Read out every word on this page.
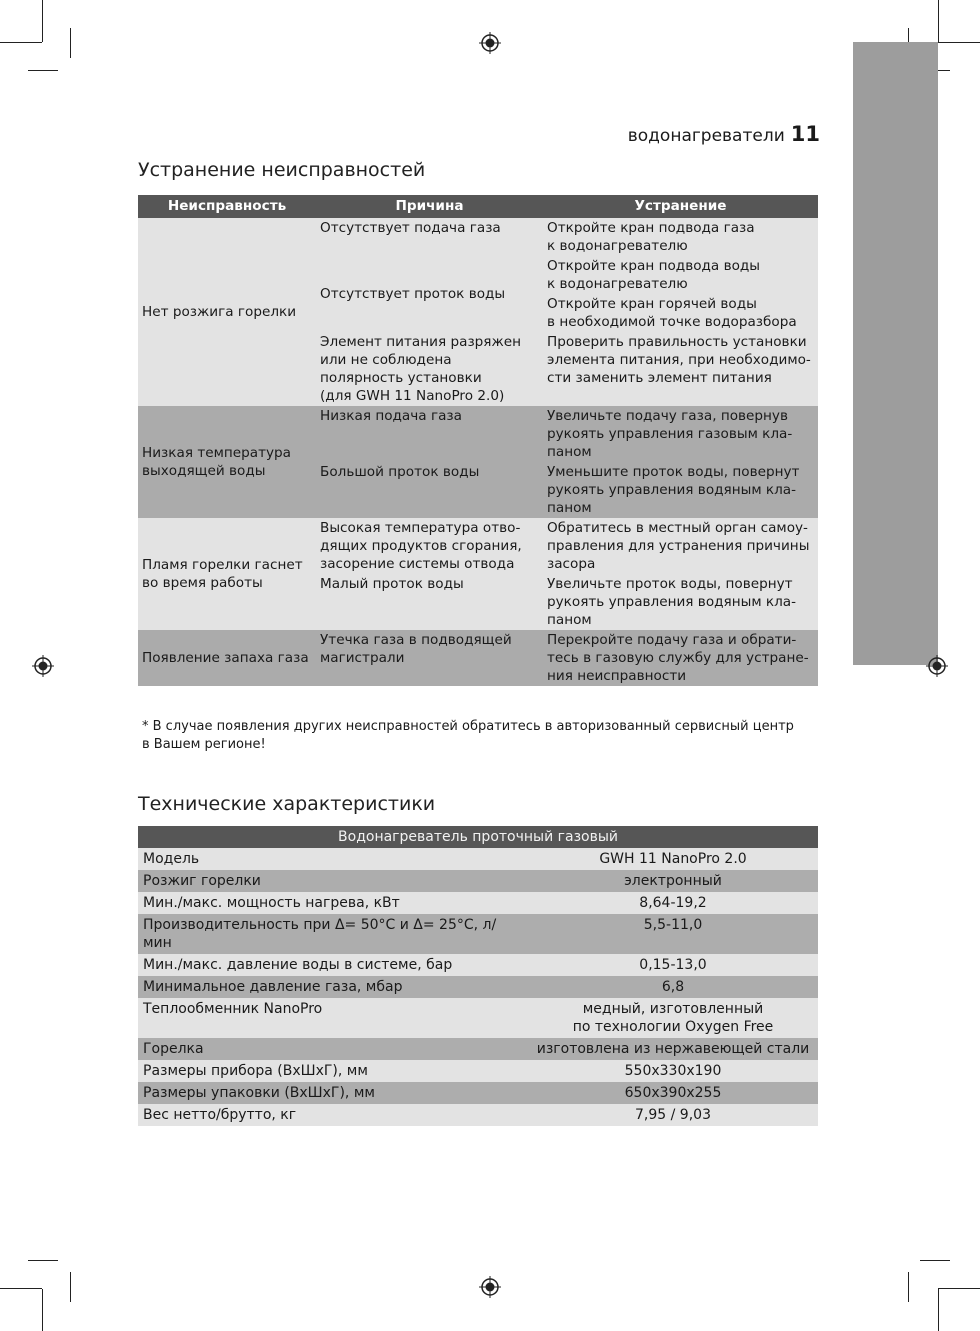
водонагреватели 11
Устранение неисправностей
Неисправность	Причина	Устранение

Нет розжига горелки	Отсутствует подача газа	Откройте кран подвода газа
к водонагревателю

	Отсутствует проток воды	Откройте кран подвода воды
к водонагревателю

		Откройте кран горячей воды
в необходимой точке водоразбора

	Элемент питания разряжен
или не соблюдена
полярность установки
(для GWH 11 NanoPro 2.0)	Проверить правильность установки
элемента питания, при необходимо-
сти заменить элемент питания

Низкая температура
выходящей воды	Низкая подача газа	Увеличьте подачу газа, повернув
рукоять управления газовым кла-
паном

	Большой проток воды	Уменьшите проток воды, повернут
рукоять управления водяным кла-
паном

Пламя горелки гаснет
во время работы	Высокая температура отво-
дящих продуктов сгорания,
засорение системы отвода	Обратитесь в местный орган самоу-
правления для устранения причины
засора

	Малый проток воды	Увеличьте проток воды, повернут
рукоять управления водяным кла-
паном

Появление запаха газа	Утечка газа в подводящей
магистрали	Перекройте подачу газа и обрати-
тесь в газовую службу для устране-
ния неисправности
* В случае появления других неисправностей обратитесь в авторизованный сервисный центр
в Вашем регионе!
Технические характеристики
Водонагреватель проточный газовый	
Модель	GWH 11 NanoPro 2.0

Розжиг горелки	электронный

Мин./макс. мощность нагрева, кВт	8,64-19,2

Производительность при Δ= 50°C и Δ= 25°C, л/мин	5,5-11,0

Мин./макс. давление воды в системе, бар	0,15-13,0

Минимальное давление газа, мбар	6,8

Теплообменник NanoPro	медный, изготовленный
по технологии Oxygen Free

Горелка	изготовлена из нержавеющей стали

Размеры прибора (ВхШхГ), мм	550x330x190

Размеры упаковки (ВхШхГ), мм	650x390x255

Вес нетто/брутто, кг	7,95 / 9,03
